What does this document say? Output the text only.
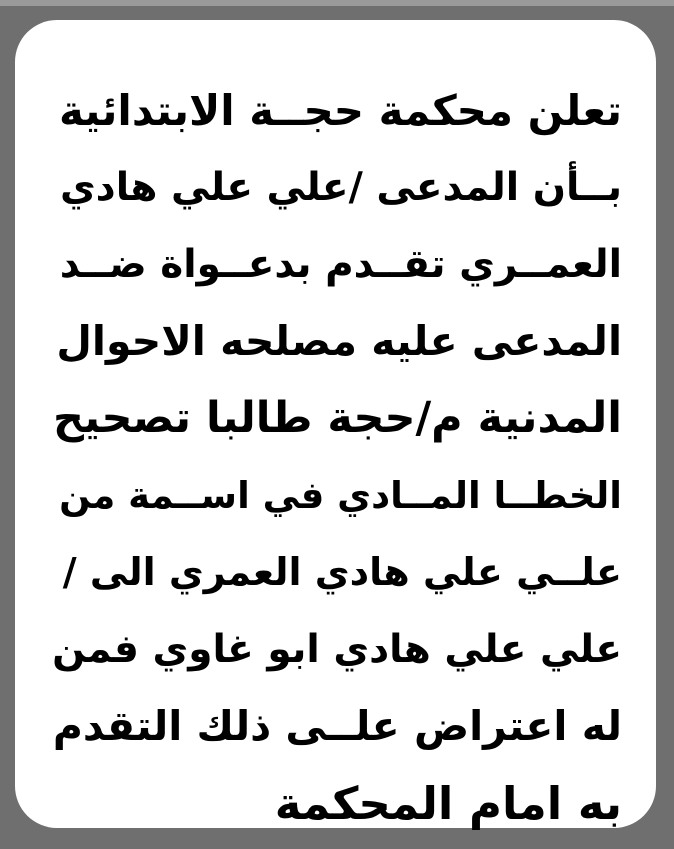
تعلن محكمة حجــة الابتدائية
بــأن المدعى /علي علي هادي
العمــري تقــدم بدعــواة ضــد
المدعى عليه مصلحه الاحوال
المدنية م/حجة طالبا تصحيح
الخطــا المــادي في اســمة من
علــي علي هادي العمري الى /
علي علي هادي ابو غاوي فمن
له اعتراض علــى ذلك التقدم
به امام المحكمة
